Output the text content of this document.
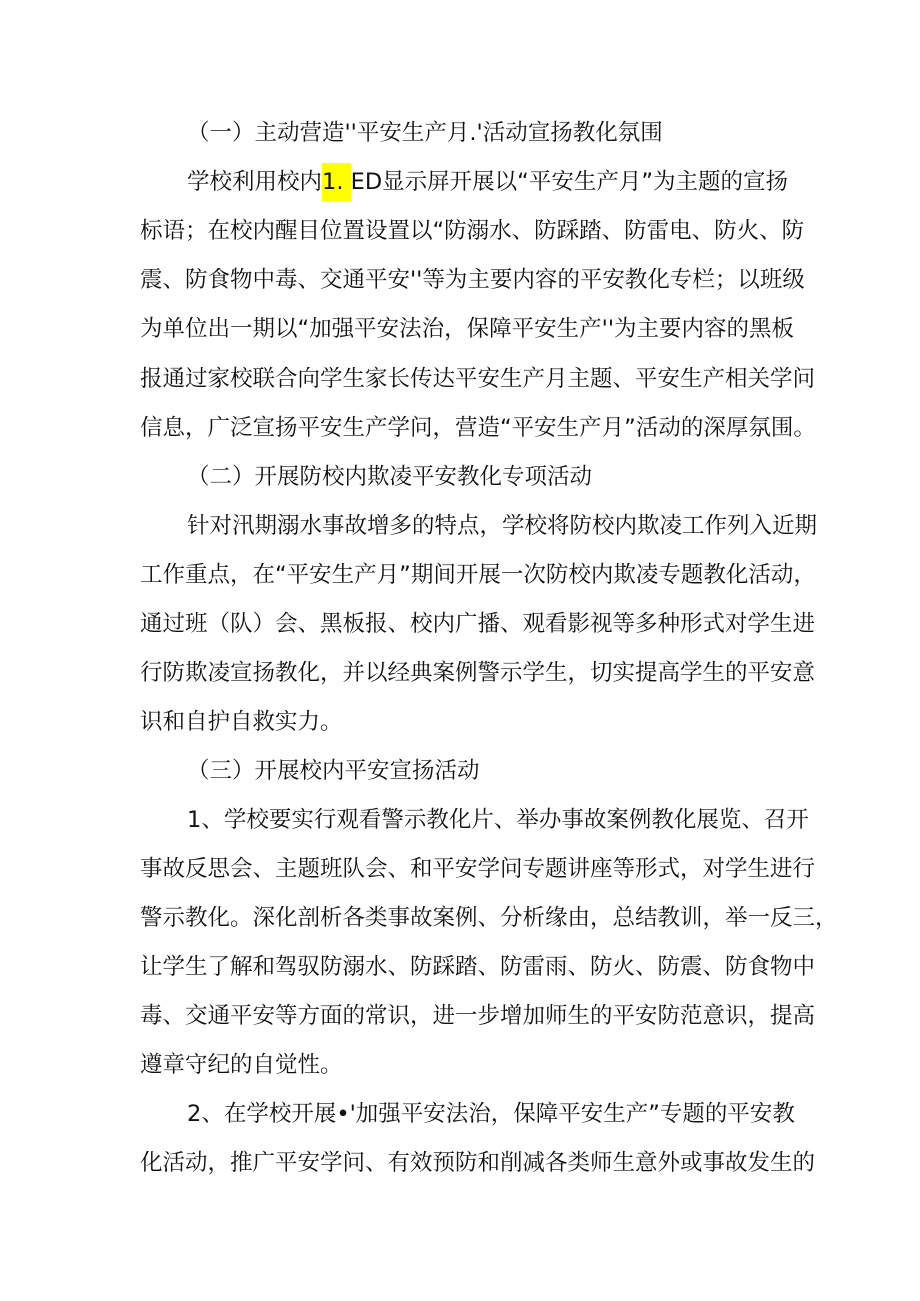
（一）主动营造''平安生产月.'活动宣扬教化氛围

学校利用校内1. ED显示屏开展以“平安生产月”为主题的宣扬

标语；在校内醒目位置设置以“防溺水、防踩踏、防雷电、防火、防

震、防食物中毒、交通平安''等为主要内容的平安教化专栏；以班级

为单位出一期以“加强平安法治，保障平安生产''为主要内容的黑板

报通过家校联合向学生家长传达平安生产月主题、平安生产相关学问

信息，广泛宣扬平安生产学问，营造“平安生产月”活动的深厚氛围。

（二）开展防校内欺凌平安教化专项活动

针对汛期溺水事故增多的特点，学校将防校内欺凌工作列入近期

工作重点，在“平安生产月”期间开展一次防校内欺凌专题教化活动，

通过班（队）会、黑板报、校内广播、观看影视等多种形式对学生进

行防欺凌宣扬教化，并以经典案例警示学生，切实提高学生的平安意

识和自护自救实力。

（三）开展校内平安宣扬活动

1、学校要实行观看警示教化片、举办事故案例教化展览、召开

事故反思会、主题班队会、和平安学问专题讲座等形式，对学生进行

警示教化。深化剖析各类事故案例、分析缘由，总结教训，举一反三，

让学生了解和驾驭防溺水、防踩踏、防雷雨、防火、防震、防食物中

毒、交通平安等方面的常识，进一步增加师生的平安防范意识，提高

遵章守纪的自觉性。

2、在学校开展•'加强平安法治，保障平安生产”专题的平安教

化活动，推广平安学问、有效预防和削减各类师生意外或事故发生的
